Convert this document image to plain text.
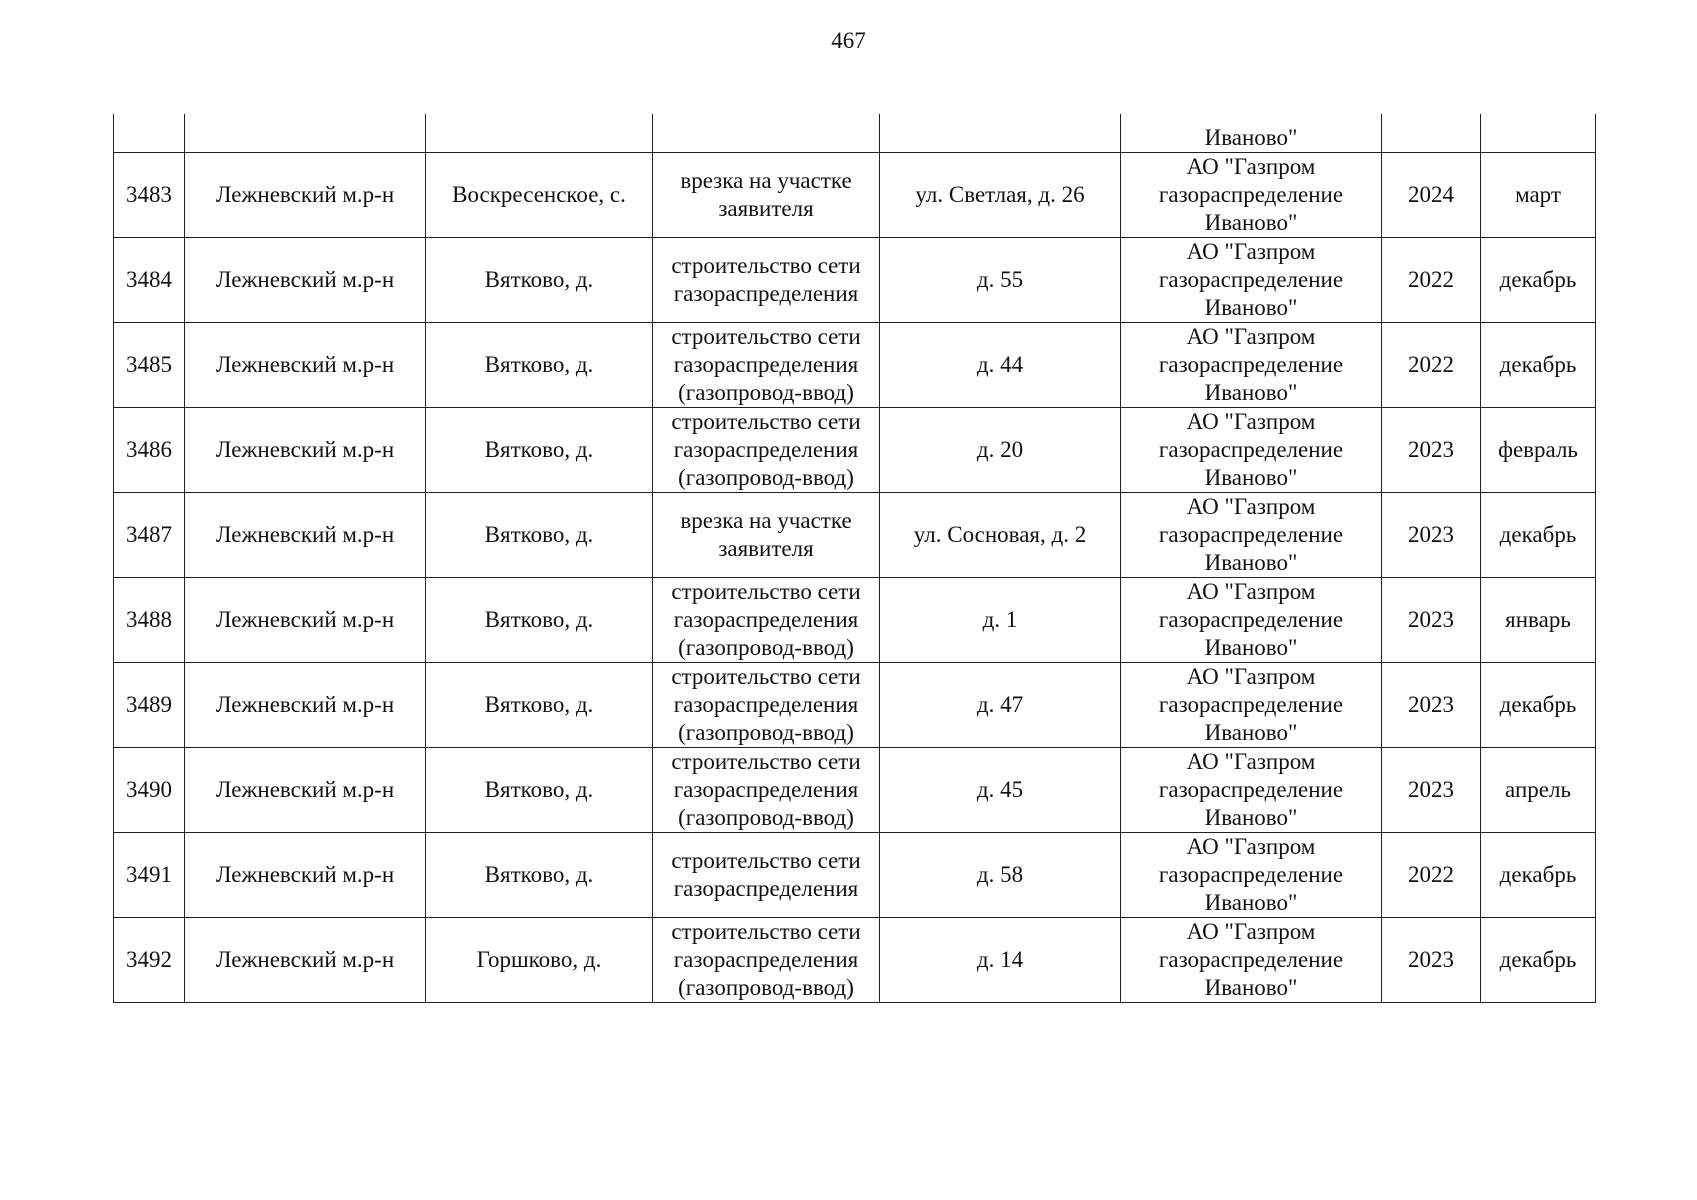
467
					Иваново"		
3483	Лежневский м.р-н	Воскресенское, с.	врезка на участке
заявителя	ул. Светлая, д. 26	АО "Газпром
газораспределение
Иваново"	2024	март
3484	Лежневский м.р-н	Вятково, д.	строительство сети
газораспределения	д. 55	АО "Газпром
газораспределение
Иваново"	2022	декабрь
3485	Лежневский м.р-н	Вятково, д.	строительство сети
газораспределения
(газопровод-ввод)	д. 44	АО "Газпром
газораспределение
Иваново"	2022	декабрь
3486	Лежневский м.р-н	Вятково, д.	строительство сети
газораспределения
(газопровод-ввод)	д. 20	АО "Газпром
газораспределение
Иваново"	2023	февраль
3487	Лежневский м.р-н	Вятково, д.	врезка на участке
заявителя	ул. Сосновая, д. 2	АО "Газпром
газораспределение
Иваново"	2023	декабрь
3488	Лежневский м.р-н	Вятково, д.	строительство сети
газораспределения
(газопровод-ввод)	д. 1	АО "Газпром
газораспределение
Иваново"	2023	январь
3489	Лежневский м.р-н	Вятково, д.	строительство сети
газораспределения
(газопровод-ввод)	д. 47	АО "Газпром
газораспределение
Иваново"	2023	декабрь
3490	Лежневский м.р-н	Вятково, д.	строительство сети
газораспределения
(газопровод-ввод)	д. 45	АО "Газпром
газораспределение
Иваново"	2023	апрель
3491	Лежневский м.р-н	Вятково, д.	строительство сети
газораспределения	д. 58	АО "Газпром
газораспределение
Иваново"	2022	декабрь
3492	Лежневский м.р-н	Горшково, д.	строительство сети
газораспределения
(газопровод-ввод)	д. 14	АО "Газпром
газораспределение
Иваново"	2023	декабрь
